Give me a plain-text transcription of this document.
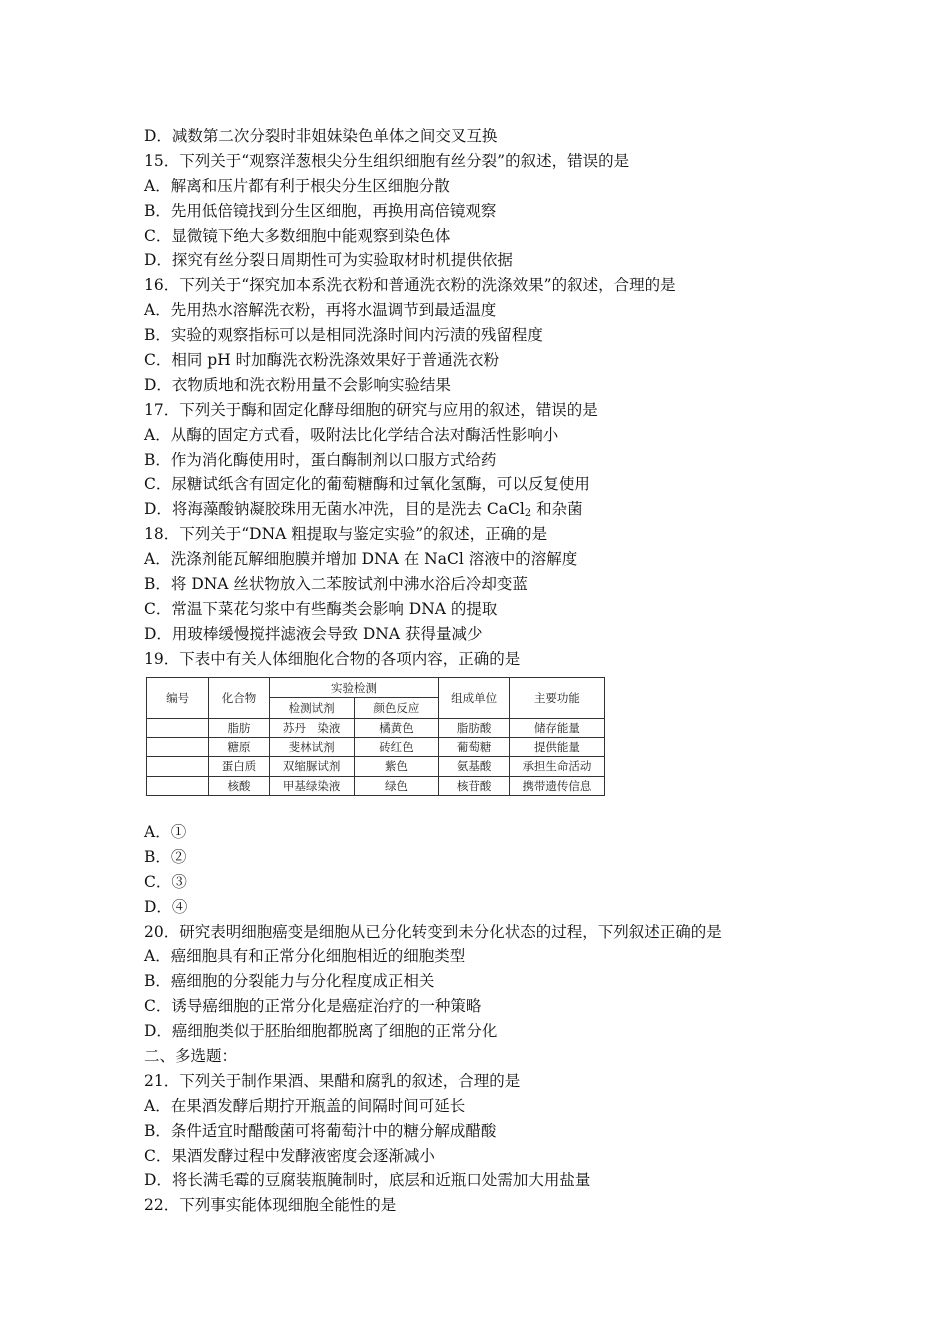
D．减数第二次分裂时非姐妹染色单体之间交叉互换
15．下列关于“观察洋葱根尖分生组织细胞有丝分裂”的叙述，错误的是
A．解离和压片都有利于根尖分生区细胞分散
B．先用低倍镜找到分生区细胞，再换用高倍镜观察
C．显微镜下绝大多数细胞中能观察到染色体
D．探究有丝分裂日周期性可为实验取材时机提供依据
16．下列关于“探究加本系洗衣粉和普通洗衣粉的洗涤效果”的叙述，合理的是
A．先用热水溶解洗衣粉，再将水温调节到最适温度
B．实验的观察指标可以是相同洗涤时间内污渍的残留程度
C．相同 pH 时加酶洗衣粉洗涤效果好于普通洗衣粉
D．衣物质地和洗衣粉用量不会影响实验结果
17．下列关于酶和固定化酵母细胞的研究与应用的叙述，错误的是
A．从酶的固定方式看，吸附法比化学结合法对酶活性影响小
B．作为消化酶使用时，蛋白酶制剂以口服方式给药
C．尿糖试纸含有固定化的葡萄糖酶和过氧化氢酶，可以反复使用
D．将海藻酸钠凝胶珠用无菌水冲洗，目的是洗去 CaCl$_2$ 和杂菌
18．下列关于“DNA 粗提取与鉴定实验”的叙述，正确的是
A．洗涤剂能瓦解细胞膜并增加 DNA 在 NaCl 溶液中的溶解度
B．将 DNA 丝状物放入二苯胺试剂中沸水浴后冷却变蓝
C．常温下菜花匀浆中有些酶类会影响 DNA 的提取
D．用玻棒缓慢搅拌滤液会导致 DNA 获得量减少
19．下表中有关人体细胞化合物的各项内容，正确的是
编号	化合物	实验检测		组成单位	主要功能
		检测试剂	颜色反应		
	脂肪	苏丹　染液	橘黄色	脂肪酸	储存能量
	糖原	斐林试剂	砖红色	葡萄糖	提供能量
	蛋白质	双缩脲试剂	紫色	氨基酸	承担生命活动
	核酸	甲基绿染液	绿色	核苷酸	携带遗传信息
A．①
B．②
C．③
D．④
20．研究表明细胞癌变是细胞从已分化转变到未分化状态的过程，下列叙述正确的是
A．癌细胞具有和正常分化细胞相近的细胞类型
B．癌细胞的分裂能力与分化程度成正相关
C．诱导癌细胞的正常分化是癌症治疗的一种策略
D．癌细胞类似于胚胎细胞都脱离了细胞的正常分化
二、多选题：
21．下列关于制作果酒、果醋和腐乳的叙述，合理的是
A．在果酒发酵后期拧开瓶盖的间隔时间可延长
B．条件适宜时醋酸菌可将葡萄汁中的糖分解成醋酸
C．果酒发酵过程中发酵液密度会逐渐减小
D．将长满毛霉的豆腐装瓶腌制时，底层和近瓶口处需加大用盐量
22．下列事实能体现细胞全能性的是
